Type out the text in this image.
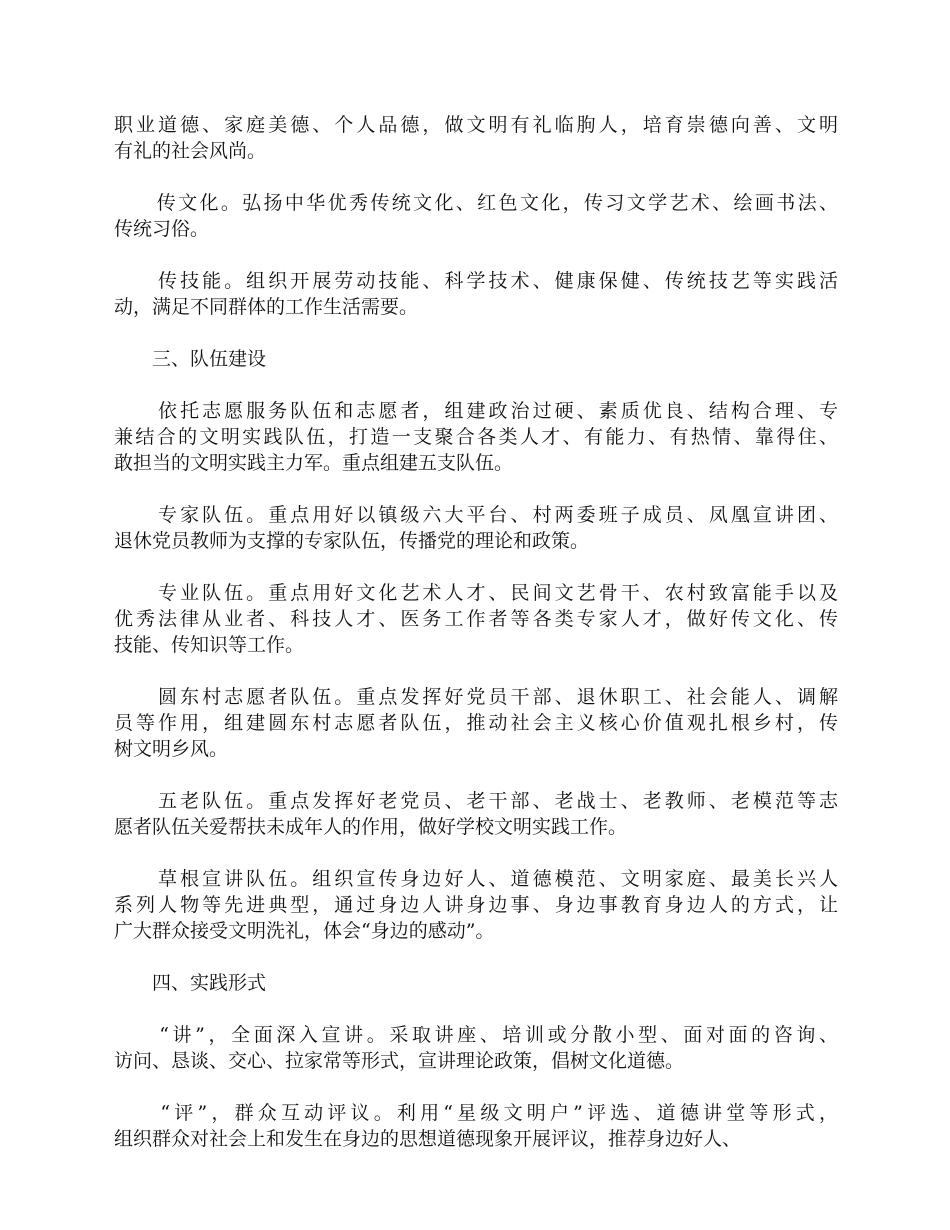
职业道德、家庭美德、个人品德，做文明有礼临朐人，培育崇德向善、文明
有礼的社会风尚。
　　传文化。弘扬中华优秀传统文化、红色文化，传习文学艺术、绘画书法、
传统习俗。
　　传技能。组织开展劳动技能、科学技术、健康保健、传统技艺等实践活
动，满足不同群体的工作生活需要。
　　三、队伍建设
　　依托志愿服务队伍和志愿者，组建政治过硬、素质优良、结构合理、专
兼结合的文明实践队伍，打造一支聚合各类人才、有能力、有热情、靠得住、
敢担当的文明实践主力军。重点组建五支队伍。
　　专家队伍。重点用好以镇级六大平台、村两委班子成员、凤凰宣讲团、
退休党员教师为支撑的专家队伍，传播党的理论和政策。
　　专业队伍。重点用好文化艺术人才、民间文艺骨干、农村致富能手以及
优秀法律从业者、科技人才、医务工作者等各类专家人才，做好传文化、传
技能、传知识等工作。
　　圆东村志愿者队伍。重点发挥好党员干部、退休职工、社会能人、调解
员等作用，组建圆东村志愿者队伍，推动社会主义核心价值观扎根乡村，传
树文明乡风。
　　五老队伍。重点发挥好老党员、老干部、老战士、老教师、老模范等志
愿者队伍关爱帮扶未成年人的作用，做好学校文明实践工作。
　　草根宣讲队伍。组织宣传身边好人、道德模范、文明家庭、最美长兴人
系列人物等先进典型，通过身边人讲身边事、身边事教育身边人的方式，让
广大群众接受文明洗礼，体会“身边的感动”。
　　四、实践形式
　　“讲”，全面深入宣讲。采取讲座、培训或分散小型、面对面的咨询、
访问、恳谈、交心、拉家常等形式，宣讲理论政策，倡树文化道德。
　　“评”，群众互动评议。利用“星级文明户”评选、道德讲堂等形式，
组织群众对社会上和发生在身边的思想道德现象开展评议，推荐身边好人、
